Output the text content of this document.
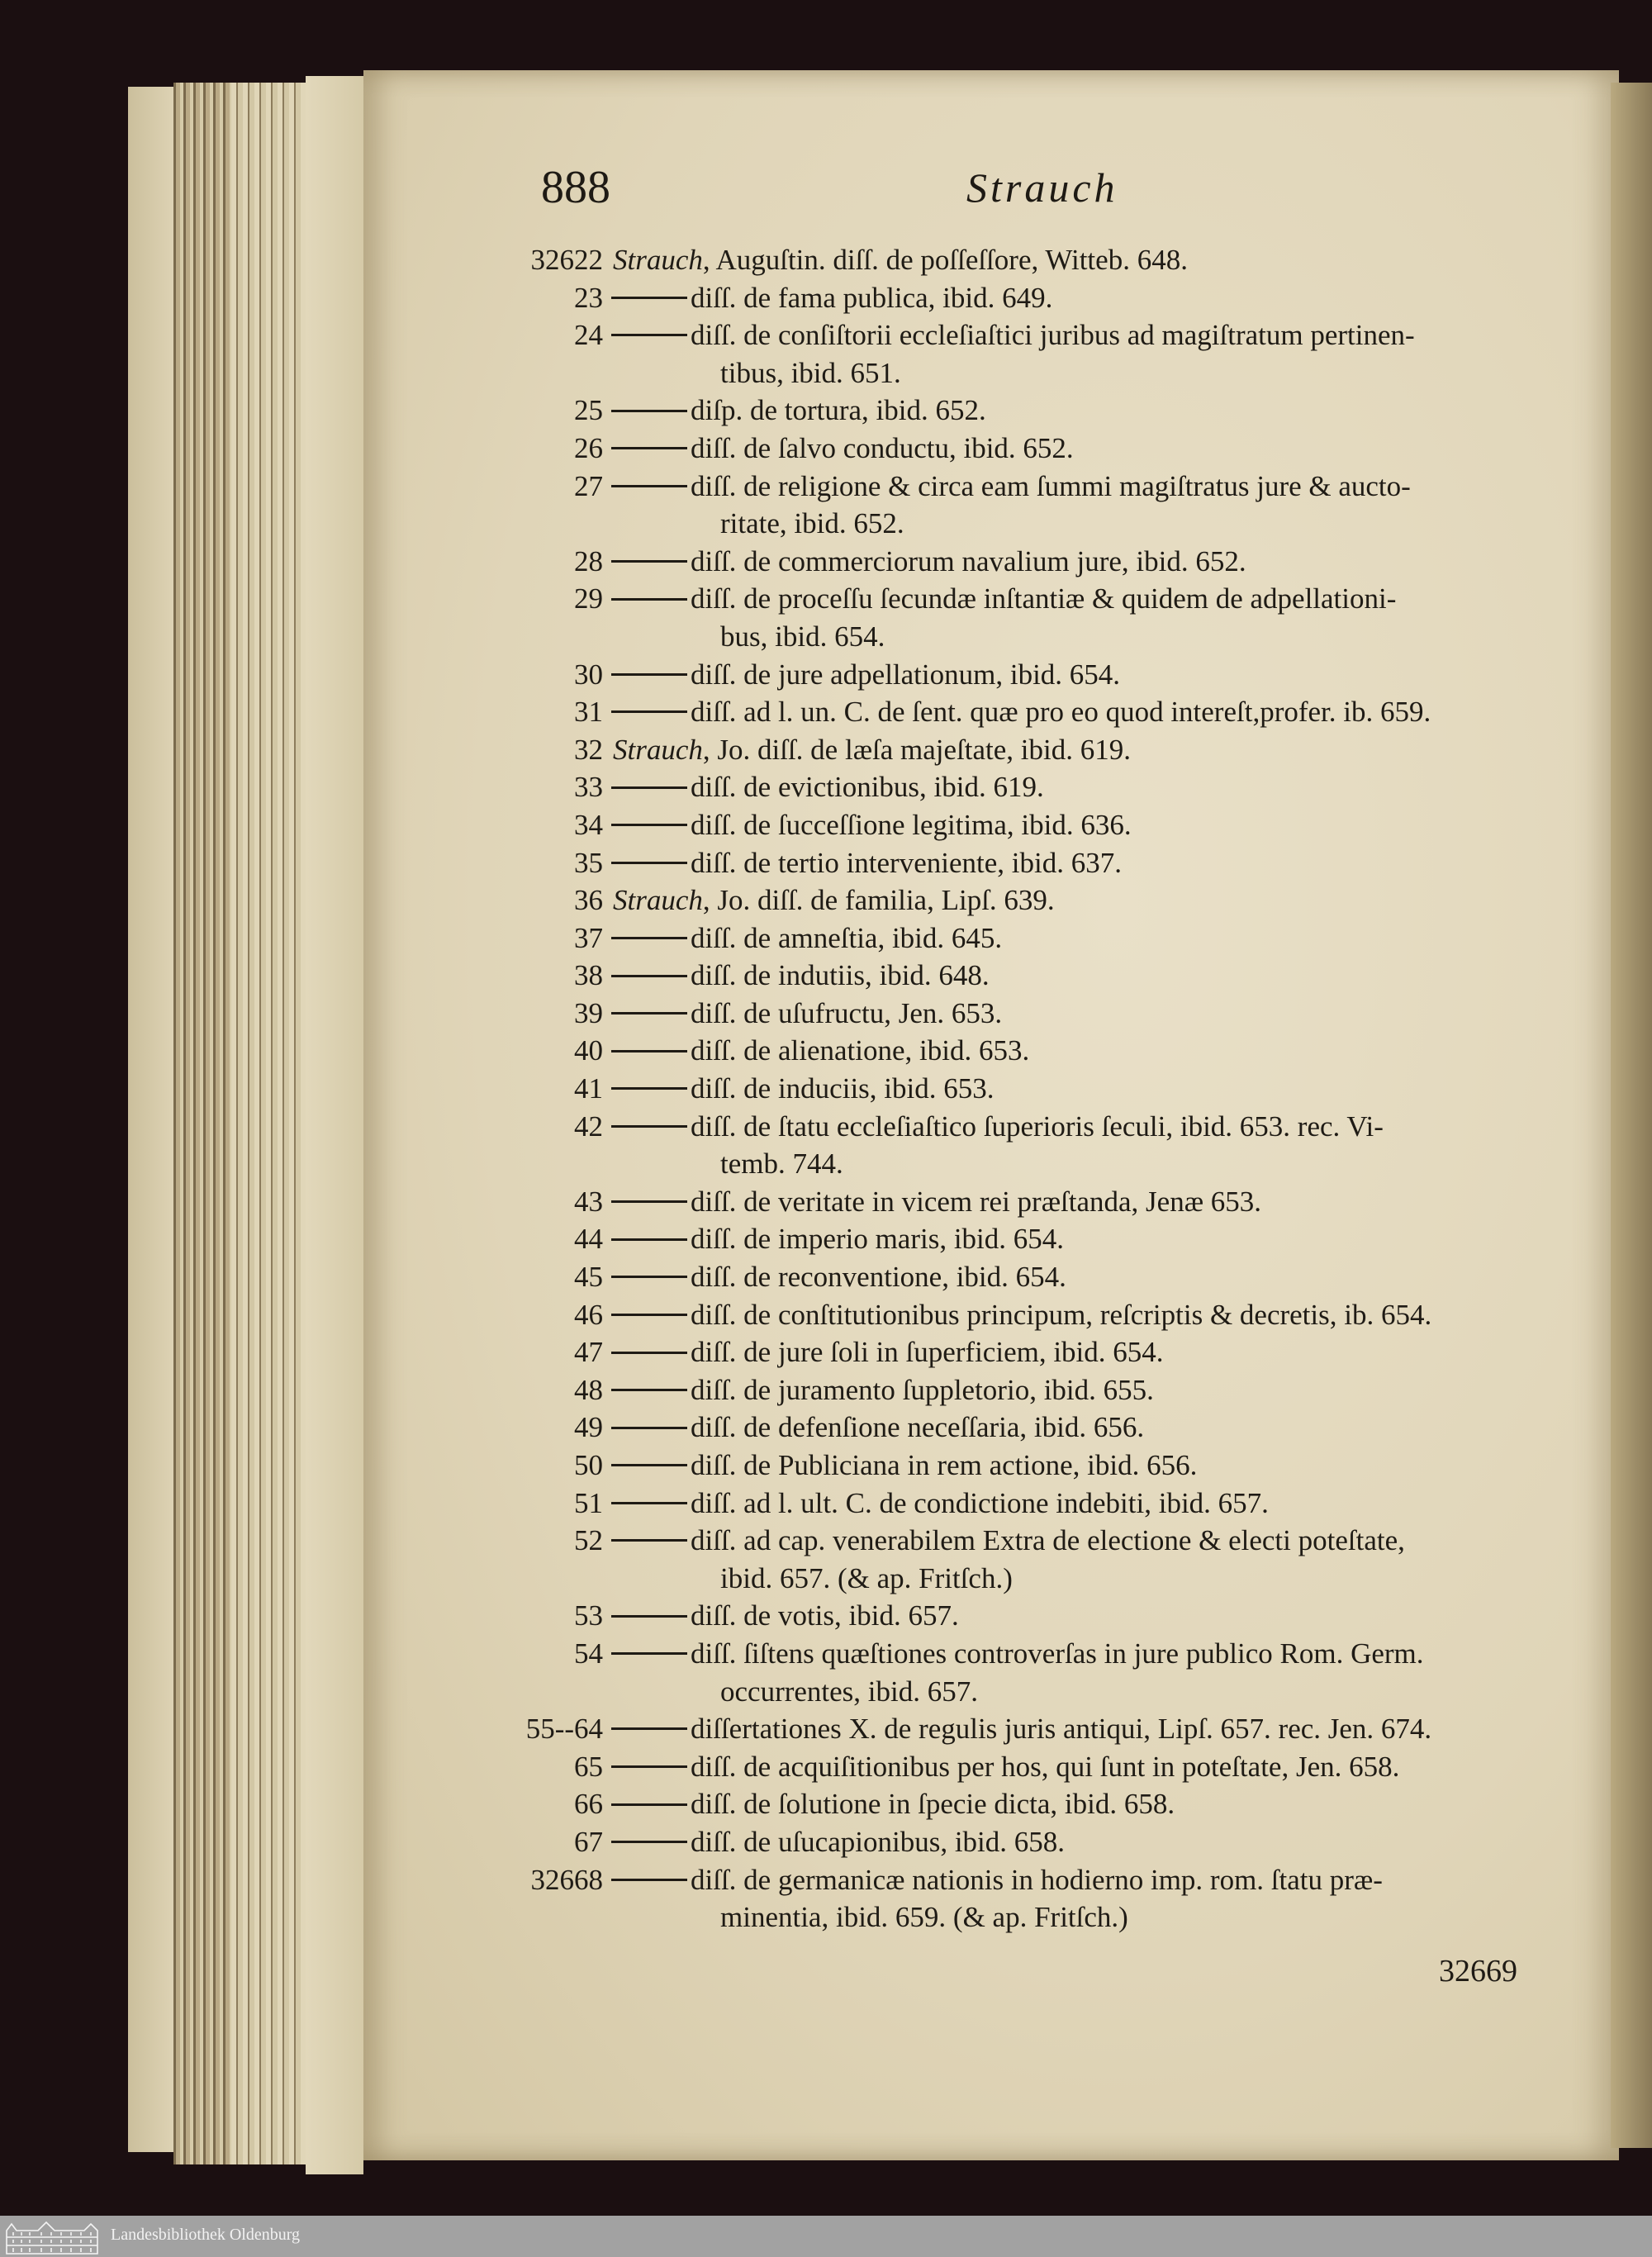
888	Strauch
32622 Strauch, Auguſtin. diſſ. de poſſeſſore, Witteb. 648.
23	diſſ. de fama publica, ibid. 649.
24	diſſ. de conſiſtorii eccleſiaſtici juribus ad magiſtratum pertinen-
tibus, ibid. 651.
25	diſp. de tortura, ibid. 652.
26	diſſ. de ſalvo conductu, ibid. 652.
27	diſſ. de religione & circa eam ſummi magiſtratus jure & aucto-
ritate, ibid. 652.
28	diſſ. de commerciorum navalium jure, ibid. 652.
29	diſſ. de proceſſu ſecundæ inſtantiæ & quidem de adpellationi-
bus, ibid. 654.
30	diſſ. de jure adpellationum, ibid. 654.
31	diſſ. ad l. un. C. de ſent. quæ pro eo quod intereſt,profer. ib. 659.
32 Strauch, Jo. diſſ. de læſa majeſtate, ibid. 619.
33	diſſ. de evictionibus, ibid. 619.
34	diſſ. de ſucceſſione legitima, ibid. 636.
35	diſſ. de tertio interveniente, ibid. 637.
36 Strauch, Jo. diſſ. de familia, Lipſ. 639.
37	diſſ. de amneſtia, ibid. 645.
38	diſſ. de indutiis, ibid. 648.
39	diſſ. de uſufructu, Jen. 653.
40	diſſ. de alienatione, ibid. 653.
41	diſſ. de induciis, ibid. 653.
42	diſſ. de ſtatu eccleſiaſtico ſuperioris ſeculi, ibid. 653. rec. Vi-
temb. 744.
43	diſſ. de veritate in vicem rei præſtanda, Jenæ 653.
44	diſſ. de imperio maris, ibid. 654.
45	diſſ. de reconventione, ibid. 654.
46	diſſ. de conſtitutionibus principum, reſcriptis & decretis, ib. 654.
47	diſſ. de jure ſoli in ſuperficiem, ibid. 654.
48	diſſ. de juramento ſuppletorio, ibid. 655.
49	diſſ. de defenſione neceſſaria, ibid. 656.
50	diſſ. de Publiciana in rem actione, ibid. 656.
51	diſſ. ad l. ult. C. de condictione indebiti, ibid. 657.
52	diſſ. ad cap. venerabilem Extra de electione & electi poteſtate,
ibid. 657. (& ap. Fritſch.)
53	diſſ. de votis, ibid. 657.
54	diſſ. ſiſtens quæſtiones controverſas in jure publico Rom. Germ.
occurrentes, ibid. 657.
55--64	diſſertationes X. de regulis juris antiqui, Lipſ. 657. rec. Jen. 674.
65	diſſ. de acquiſitionibus per hos, qui ſunt in poteſtate, Jen. 658.
66	diſſ. de ſolutione in ſpecie dicta, ibid. 658.
67	diſſ. de uſucapionibus, ibid. 658.
32668	diſſ. de germanicæ nationis in hodierno imp. rom. ſtatu præ-
minentia, ibid. 659. (& ap. Fritſch.)
32669
Landesbibliothek Oldenburg
